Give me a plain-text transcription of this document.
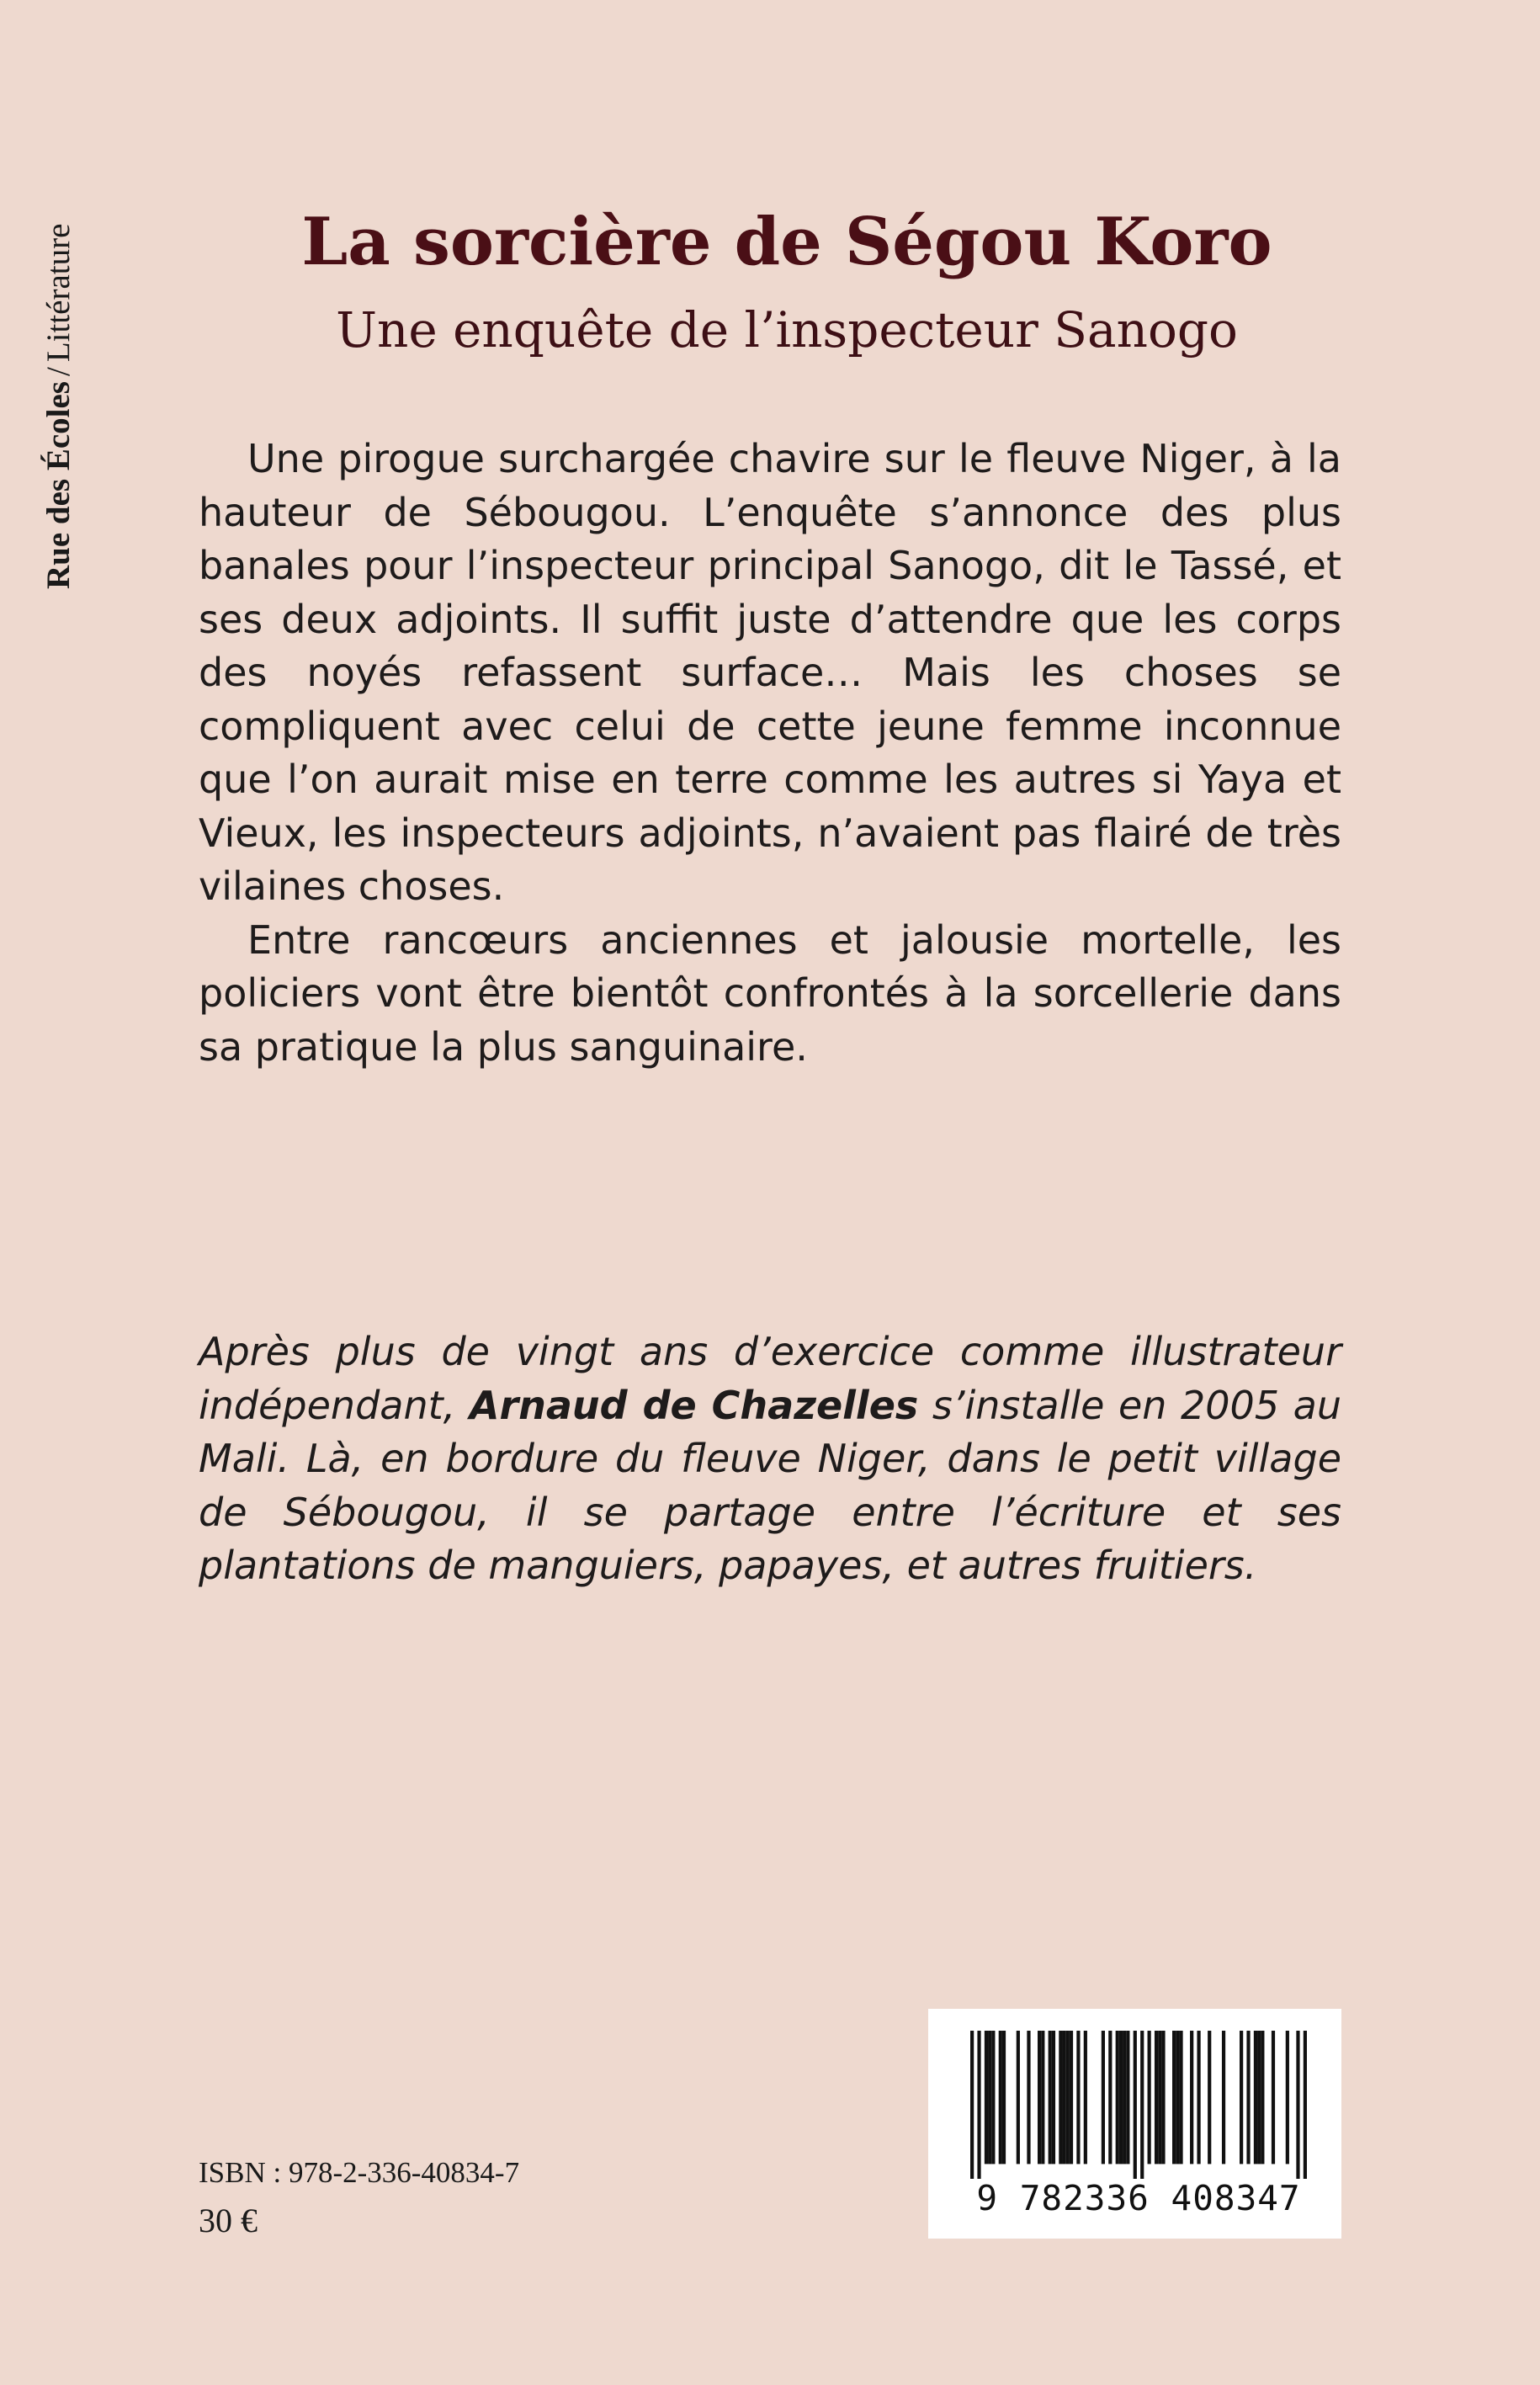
Rue des Écoles/Littérature	La sorcière de Ségou Koro
Une enquête de l’inspecteur Sanogo

Une pirogue surchargée chavire sur le fleuve Niger, à la hauteur de Sébougou. L’enquête s’annonce des plus banales pour l’inspecteur principal Sanogo, dit le Tassé, et ses deux adjoints. Il suffit juste d’attendre que les corps des noyés refassent surface… Mais les choses se compliquent avec celui de cette jeune femme inconnue que l’on aurait mise en terre comme les autres si Yaya et Vieux, les inspecteurs adjoints, n’avaient pas flairé de très vilaines choses.

Entre rancœurs anciennes et jalousie mortelle, les policiers vont être bientôt confrontés à la sorcellerie dans sa pratique la plus sanguinaire.

Après plus de vingt ans d’exercice comme illustrateur indépendant, Arnaud de Chazelles s’installe en 2005 au Mali. Là, en bordure du fleuve Niger, dans le petit village de Sébougou, il se partage entre l’écriture et ses plantations de manguiers, papayes, et autres fruitiers.

ISBN : 978-2-336-40834-7
30 €
9 782336 408347
